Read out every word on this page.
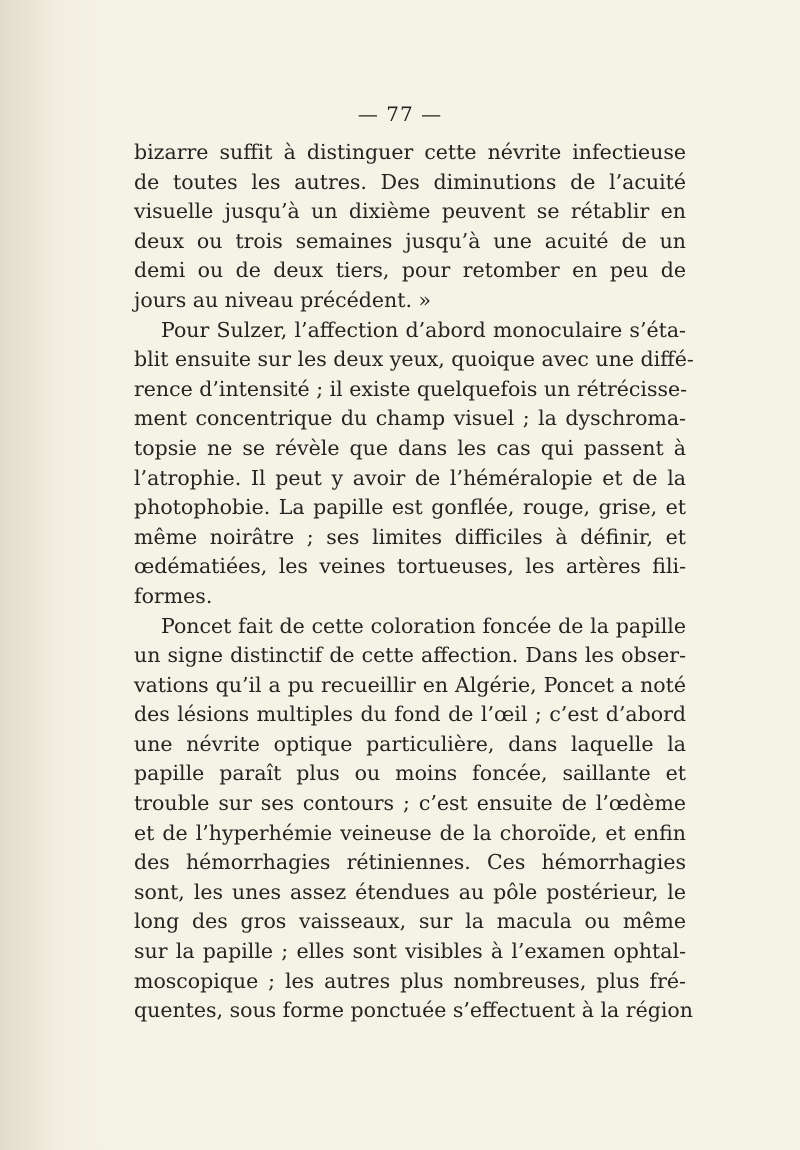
— 77 —
bizarre suffit à distinguer cette névrite infectieuse
de toutes les autres. Des diminutions de l’acuité
visuelle jusqu’à un dixième peuvent se rétablir en
deux ou trois semaines jusqu’à une acuité de un
demi ou de deux tiers, pour retomber en peu de
jours au niveau précédent. »
Pour Sulzer, l’affection d’abord monoculaire s’éta-
blit ensuite sur les deux yeux, quoique avec une diffé-
rence d’intensité ; il existe quelquefois un rétrécisse-
ment concentrique du champ visuel ; la dyschroma-
topsie ne se révèle que dans les cas qui passent à
l’atrophie. Il peut y avoir de l’héméralopie et de la
photophobie. La papille est gonflée, rouge, grise, et
même noirâtre ; ses limites difficiles à définir, et
œdématiées, les veines tortueuses, les artères fili-
formes.
Poncet fait de cette coloration foncée de la papille
un signe distinctif de cette affection. Dans les obser-
vations qu’il a pu recueillir en Algérie, Poncet a noté
des lésions multiples du fond de l’œil ; c’est d’abord
une névrite optique particulière, dans laquelle la
papille paraît plus ou moins foncée, saillante et
trouble sur ses contours ; c’est ensuite de l’œdème
et de l’hyperhémie veineuse de la choroïde, et enfin
des hémorrhagies rétiniennes. Ces hémorrhagies
sont, les unes assez étendues au pôle postérieur, le
long des gros vaisseaux, sur la macula ou même
sur la papille ; elles sont visibles à l’examen ophtal-
moscopique ; les autres plus nombreuses, plus fré-
quentes, sous forme ponctuée s’effectuent à la région
